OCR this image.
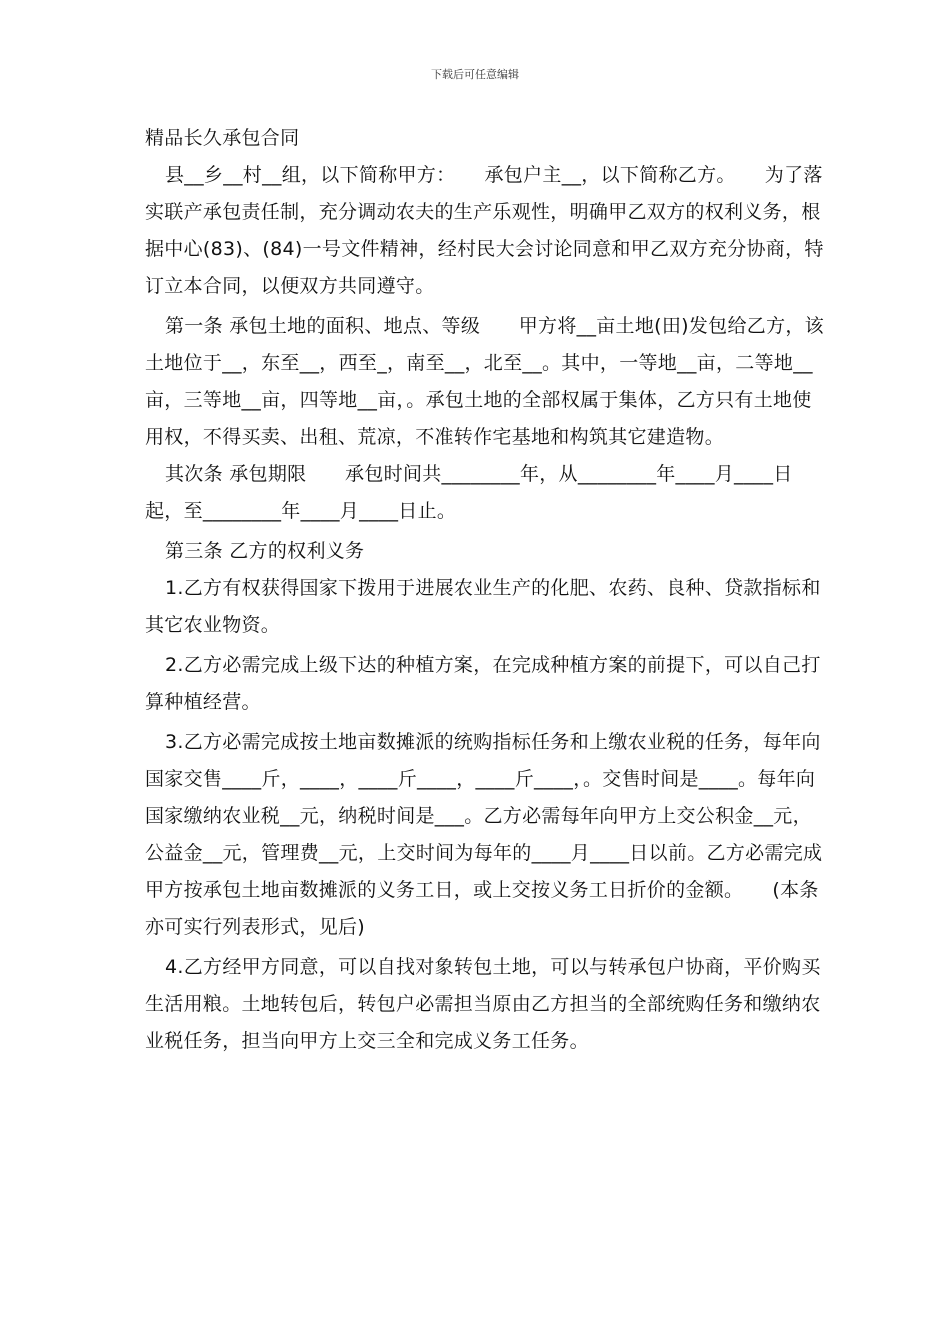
下载后可任意编辑
精品长久承包合同

县__乡__村__组，以下简称甲方：　　承包户主__，以下简称乙方。　　为了落实联产承包责任制，充分调动农夫的生产乐观性，明确甲乙双方的权利义务，根据中心(83)、(84)一号文件精神，经村民大会讨论同意和甲乙双方充分协商，特订立本合同，以便双方共同遵守。

第一条 承包土地的面积、地点、等级　　甲方将__亩土地(田)发包给乙方，该土地位于__，东至__，西至_，南至__，北至__。其中，一等地__亩，二等地__亩，三等地__亩，四等地__亩，。承包土地的全部权属于集体，乙方只有土地使用权，不得买卖、出租、荒凉，不准转作宅基地和构筑其它建造物。

其次条 承包期限　　承包时间共________年，从________年____月____日起，至________年____月____日止。

第三条 乙方的权利义务

1.乙方有权获得国家下拨用于进展农业生产的化肥、农药、良种、贷款指标和其它农业物资。

2.乙方必需完成上级下达的种植方案，在完成种植方案的前提下，可以自己打算种植经营。

3.乙方必需完成按土地亩数摊派的统购指标任务和上缴农业税的任务，每年向国家交售____斤，____，____斤____，____斤____，。交售时间是____。每年向国家缴纳农业税__元，纳税时间是___。乙方必需每年向甲方上交公积金__元，公益金__元，管理费__元，上交时间为每年的____月____日以前。乙方必需完成甲方按承包土地亩数摊派的义务工日，或上交按义务工日折价的金额。　　(本条亦可实行列表形式，见后)

4.乙方经甲方同意，可以自找对象转包土地，可以与转承包户协商，平价购买生活用粮。土地转包后，转包户必需担当原由乙方担当的全部统购任务和缴纳农业税任务，担当向甲方上交三全和完成义务工任务。
